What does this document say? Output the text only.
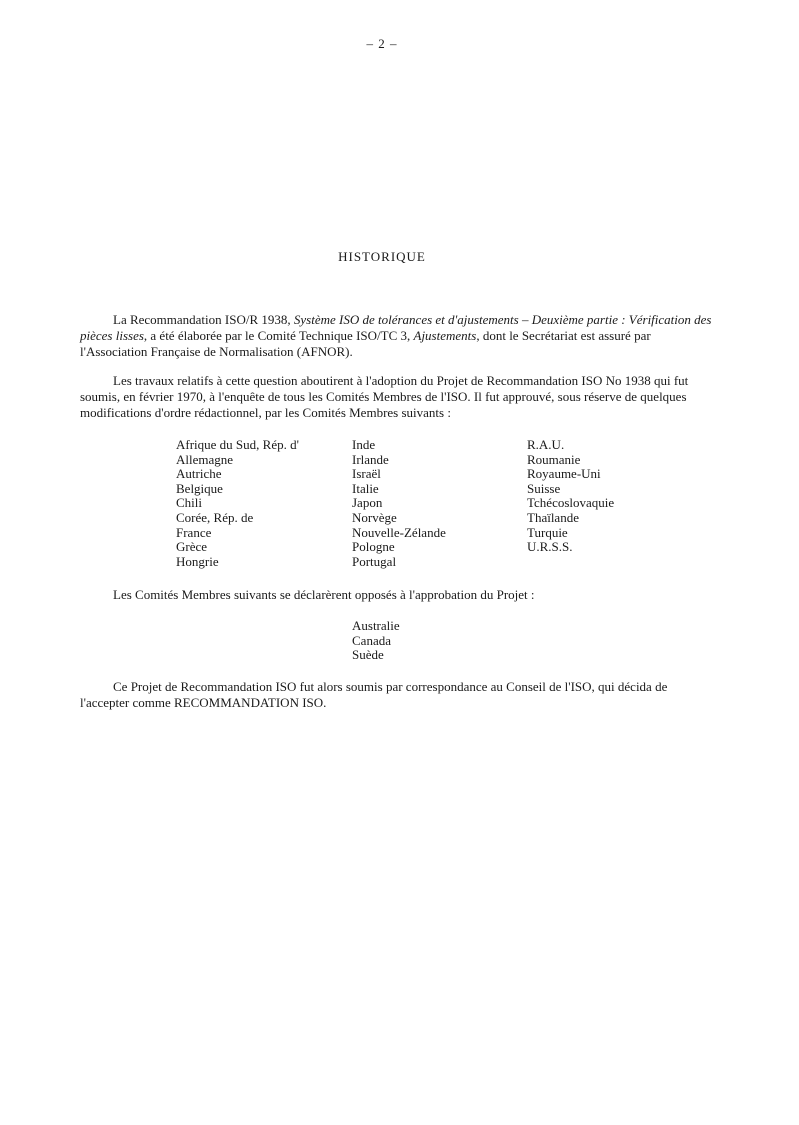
– 2 –
HISTORIQUE

La Recommandation ISO/R 1938, Système ISO de tolérances et d'ajustements – Deuxième partie : Vérification des pièces lisses, a été élaborée par le Comité Technique ISO/TC 3, Ajustements, dont le Secrétariat est assuré par l'Association Française de Normalisation (AFNOR).

Les travaux relatifs à cette question aboutirent à l'adoption du Projet de Recommandation ISO No 1938 qui fut soumis, en février 1970, à l'enquête de tous les Comités Membres de l'ISO. Il fut approuvé, sous réserve de quelques modifications d'ordre rédactionnel, par les Comités Membres suivants :

Afrique du Sud, Rép. d'
Allemagne
Autriche
Belgique
Chili
Corée, Rép. de
France
Grèce
Hongrie
Inde
Irlande
Israël
Italie
Japon
Norvège
Nouvelle-Zélande
Pologne
Portugal
R.A.U.
Roumanie
Royaume-Uni
Suisse
Tchécoslovaquie
Thaïlande
Turquie
U.R.S.S.

Les Comités Membres suivants se déclarèrent opposés à l'approbation du Projet :

Australie
Canada
Suède

Ce Projet de Recommandation ISO fut alors soumis par correspondance au Conseil de l'ISO, qui décida de l'accepter comme RECOMMANDATION ISO.
